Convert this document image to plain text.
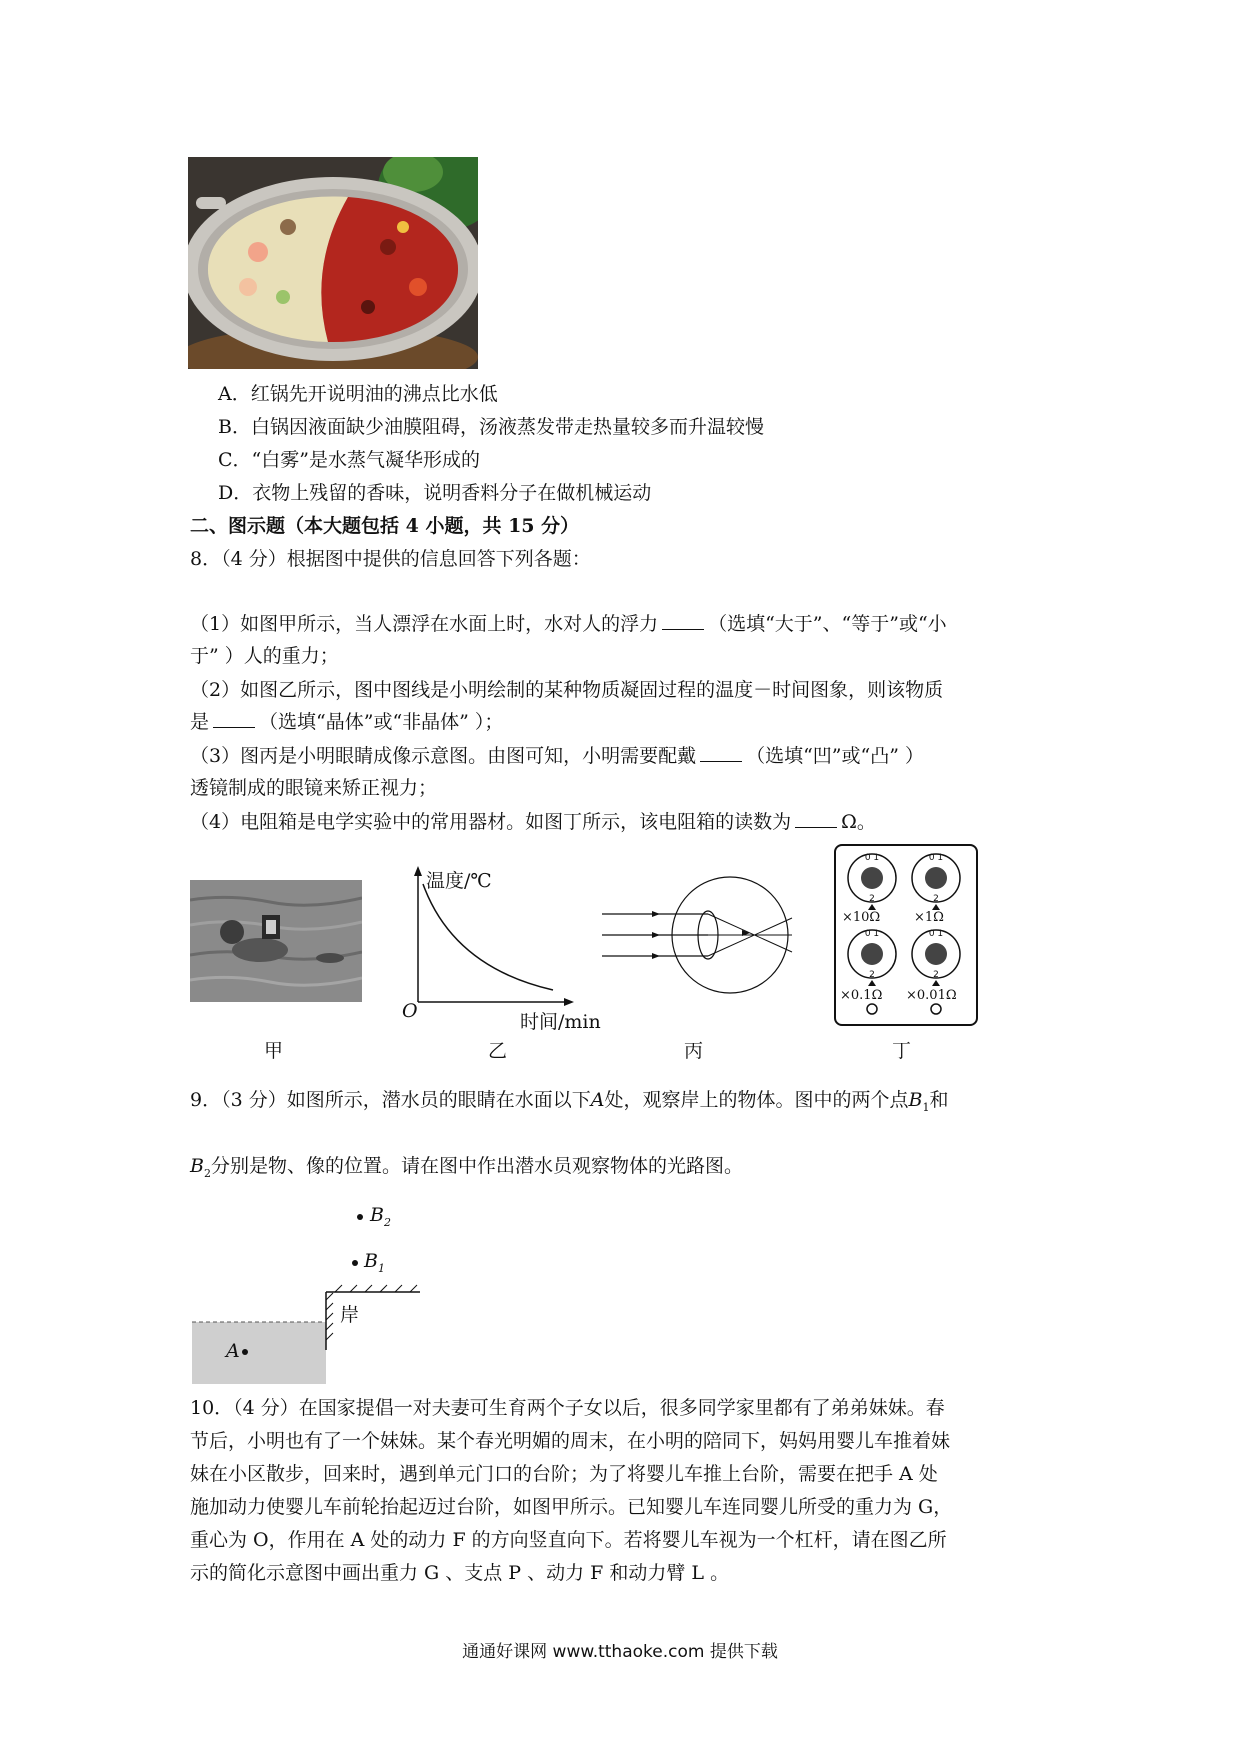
A．红锅先开说明油的沸点比水低
B．白锅因液面缺少油膜阻碍，汤液蒸发带走热量较多而升温较慢
C．“白雾”是水蒸气凝华形成的
D．衣物上残留的香味，说明香料分子在做机械运动
二、图示题（本大题包括 4 小题，共 15 分）
8．（4 分）根据图中提供的信息回答下列各题：
（1）如图甲所示，当人漂浮在水面上时，水对人的浮力	（选填“大于”、“等于”或“小
于” ）人的重力；
（2）如图乙所示，图中图线是小明绘制的某种物质凝固过程的温度－时间图象，则该物质
是	（选填“晶体”或“非晶体” ）；
（3）图丙是小明眼睛成像示意图。由图可知，小明需要配戴	（选填“凹”或“凸” ）
透镜制成的眼镜来矫正视力；
（4）电阻箱是电学实验中的常用器材。如图丁所示，该电阻箱的读数为	Ω。
温度/℃
O	时间/min
0 1	0 1
0 1	0 1
2	2
2	2
×10Ω	×1Ω
×0.1Ω ×0.01Ω
甲	乙	丙	丁
9．（3 分）如图所示，潜水员的眼睛在水面以下A处，观察岸上的物体。图中的两个点$B_1$和
$B_2$分别是物、像的位置。请在图中作出潜水员观察物体的光路图。
$B_2$
$B_1$
A
岸
10．（4 分）在国家提倡一对夫妻可生育两个子女以后，很多同学家里都有了弟弟妹妹。春
节后，小明也有了一个妹妹。某个春光明媚的周末，在小明的陪同下，妈妈用婴儿车推着妹
妹在小区散步，回来时，遇到单元门口的台阶；为了将婴儿车推上台阶，需要在把手 A 处
施加动力使婴儿车前轮抬起迈过台阶，如图甲所示。已知婴儿车连同婴儿所受的重力为 G，
重心为 O，作用在 A 处的动力 F 的方向竖直向下。若将婴儿车视为一个杠杆，请在图乙所
示的简化示意图中画出重力 G 、支点 P 、动力 F 和动力臂 L 。
通通好课网 www.tthaoke.com 提供下载
